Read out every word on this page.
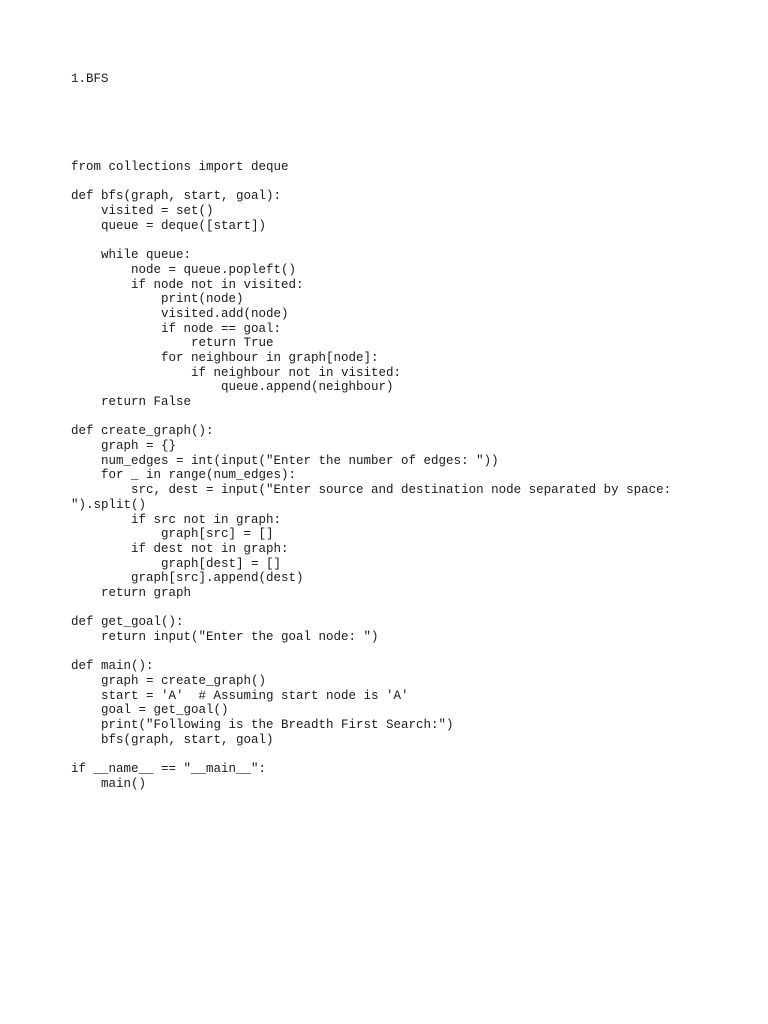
1.BFS
from collections import deque
def bfs(graph, start, goal):
visited = set()
queue = deque([start])
while queue:
node = queue.popleft()
if node not in visited:
print(node)
visited.add(node)
if node == goal:
return True
for neighbour in graph[node]:
if neighbour not in visited:
queue.append(neighbour)
return False
def create_graph():
graph = {}
num_edges = int(input("Enter the number of edges: "))
for _ in range(num_edges):
src, dest = input("Enter source and destination node separated by space:
").split()
if src not in graph:
graph[src] = []
if dest not in graph:
graph[dest] = []
graph[src].append(dest)
return graph
def get_goal():
return input("Enter the goal node: ")
def main():
graph = create_graph()
start = 'A'  # Assuming start node is 'A'
goal = get_goal()
print("Following is the Breadth First Search:")
bfs(graph, start, goal)
if __name__ == "__main__":
main()
